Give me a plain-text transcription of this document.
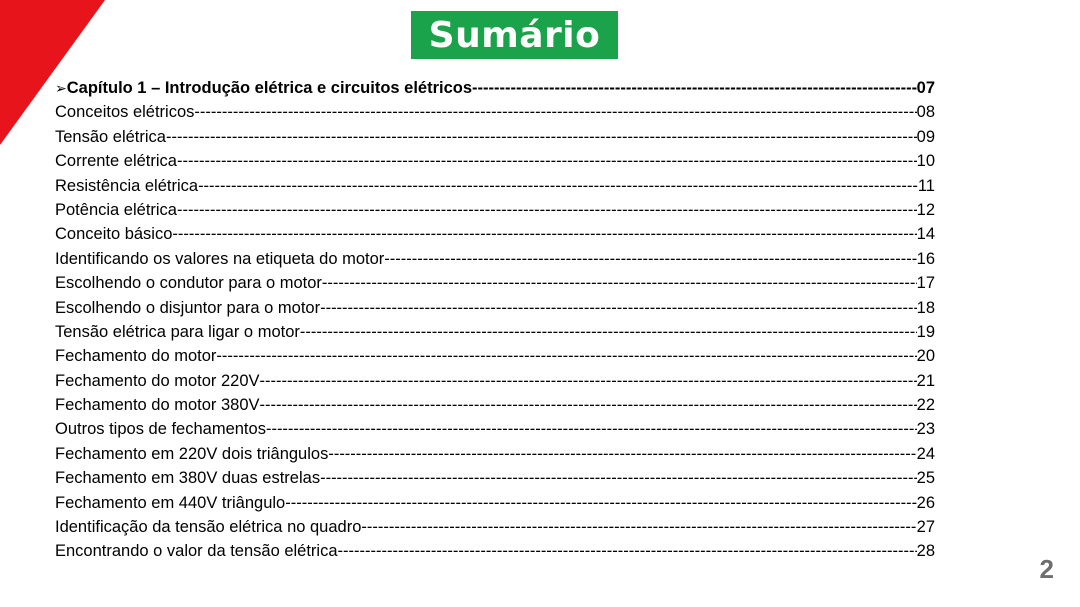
Sumário
➢ Capítulo 1 – Introdução elétrica e circuitos elétricos -----	07
Conceitos elétricos -----	08
Tensão elétrica -----	09
Corrente elétrica -----	10
Resistência elétrica -----	11
Potência elétrica -----	12
Conceito básico -----	14
Identificando os valores na etiqueta do motor -----	16
Escolhendo o condutor para o motor -----	17
Escolhendo o disjuntor para o motor -----	18
Tensão elétrica para ligar o motor -----	19
Fechamento do motor -----	20
Fechamento do motor 220V -----	21
Fechamento do motor 380V -----	22
Outros tipos de fechamentos -----	23
Fechamento em 220V dois triângulos -----	24
Fechamento em 380V duas estrelas -----	25
Fechamento em 440V triângulo -----	26
Identificação da tensão elétrica no quadro -----	27
Encontrando o valor da tensão elétrica -----	28
2
